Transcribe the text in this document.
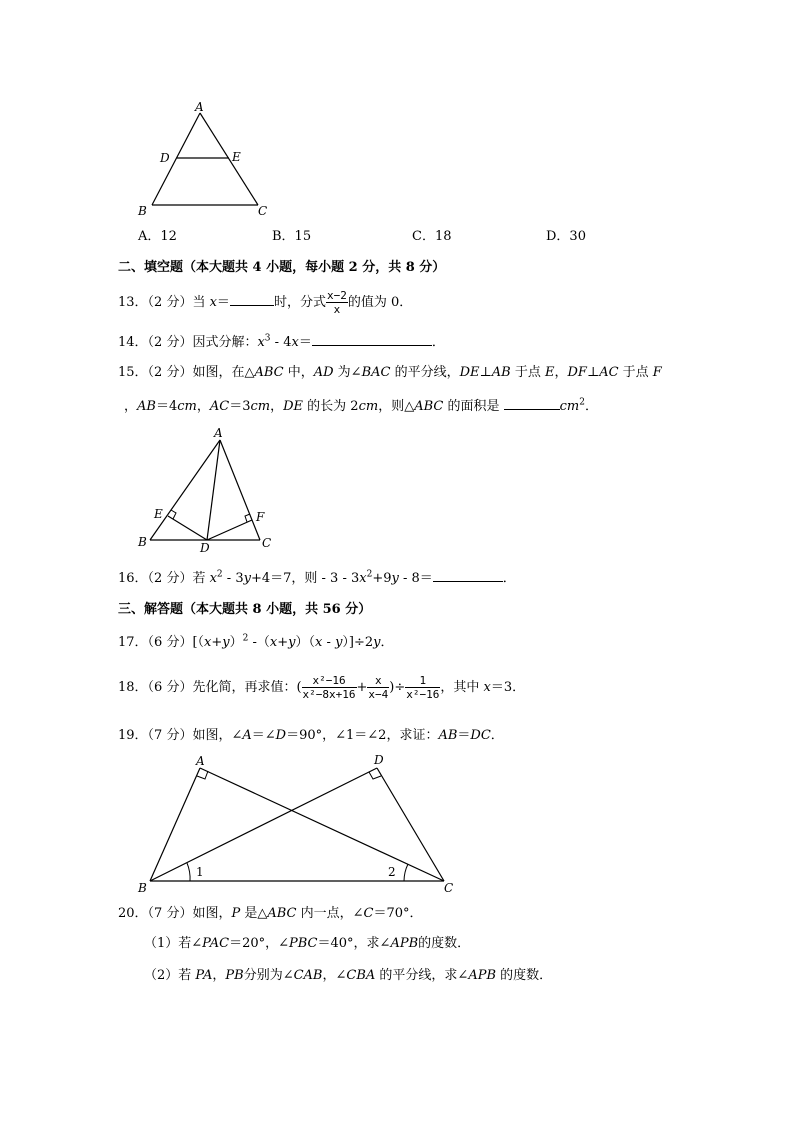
A
D	E
B	C
A．12	B．15	C．18	D．30
二、填空题（本大题共 4 小题，每小题 2 分，共 8 分）
13．（2 分）当 x＝	时，分式 $\frac{x-2}{x}$ 的值为 0．
14．（2 分）因式分解：$x^3 - 4x=$	．
15．（2 分）如图，在△ABC 中，AD 为∠BAC 的平分线，DE⊥AB 于点 E，DF⊥AC 于点 F
，AB＝4cm，AC＝3cm，DE 的长为 2cm，则△ABC 的面积是	$cm^2$．
A
E	F
B	D	C
16．（2 分）若 $x^2 - 3y+4=7$，则 - $3 - 3x^2+9y - 8=$	．
三、解答题（本大题共 8 小题，共 56 分）
17．（6 分）[$(x+y)^2$ -（x+y）（x - y）]÷2y．
18．（6 分）先化简，再求值：( $\frac{\text{x²−16}}{\text{x²−8x+16}} + \frac{x}{x-4}$ )÷ $\frac{1}{\text{x²−16}}$ ，其中 x＝3．
19．（7 分）如图，∠A＝∠D＝90°，∠1＝∠2，求证：AB＝DC．
A	D
B	C
1	2
20．（7 分）如图，P 是△ABC 内一点，∠C＝70°．
（1）若∠PAC＝20°，∠PBC＝40°，求∠APB的度数．
（2）若 PA，PB分别为∠CAB，∠CBA 的平分线，求∠APB 的度数．
